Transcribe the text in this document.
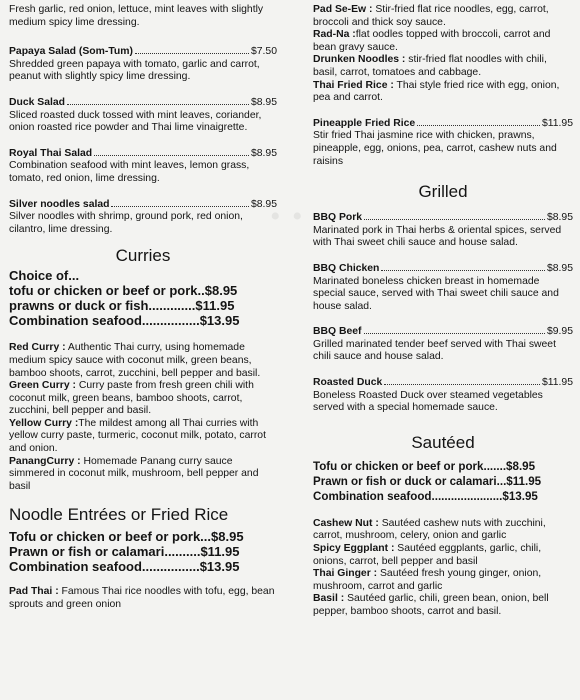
• •

Fresh garlic, red onion, lettuce, mint leaves with slightly medium spicy lime dressing.

Papaya Salad (Som-Tum)	$7.50

Shredded green papaya with tomato, garlic and carrot, peanut with slightly spicy lime dressing.

Duck Salad	$8.95

Sliced roasted duck tossed with mint leaves, coriander, onion roasted rice powder and Thai lime vinaigrette.

Royal Thai Salad	$8.95

Combination seafood with mint leaves, lemon grass, tomato, red onion, lime dressing.

Silver noodles salad	$8.95

Silver noodles with shrimp, ground pork, red onion, cilantro, lime dressing.

Curries
Choice of...
tofu or chicken or beef or pork.. $8.95
prawns or duck or fish............. $11.95
Combination seafood................ $13.95

Red Curry : Authentic Thai curry, using homemade medium spicy sauce with coconut milk, green beans, bamboo shoots, carrot, zucchini, bell pepper and basil.

Green Curry : Curry paste from fresh green chili with coconut milk, green beans, bamboo shoots, carrot, zucchini, bell pepper and basil.

Yellow Curry :The mildest among all Thai curries with yellow curry paste, turmeric, coconut milk, potato, carrot and onion.

PanangCurry : Homemade Panang curry sauce simmered in coconut milk, mushroom, bell pepper and basil

Noodle Entrées or Fried Rice
Tofu or chicken or beef or pork... $8.95
Prawn or fish or calamari.......... $11.95
Combination seafood................ $13.95

Pad Thai : Famous Thai rice noodles with tofu, egg, bean sprouts and green onion

Pad Se-Ew : Stir-fried flat rice noodles, egg, carrot, broccoli and thick soy sauce.

Rad-Na :flat oodles topped with broccoli, carrot and bean gravy sauce.

Drunken Noodles : stir-fried flat noodles with chili, basil, carrot, tomatoes and cabbage.

Thai Fried Rice : Thai style fried rice with egg, onion, pea and carrot.

Pineapple Fried Rice	$11.95

Stir fried Thai jasmine rice with chicken, prawns, pineapple, egg, onions, pea, carrot, cashew nuts and raisins

Grilled
BBQ Pork	$8.95

Marinated pork in Thai herbs & oriental spices, served with Thai sweet chili sauce and house salad.

BBQ Chicken	$8.95

Marinated boneless chicken breast in homemade special sauce, served with Thai sweet chili sauce and house salad.

BBQ Beef	$9.95

Grilled marinated tender beef served with Thai sweet chili sauce and house salad.

Roasted Duck	$11.95

Boneless Roasted Duck over steamed vegetables served with a special homemade sauce.

Sautéed
Tofu or chicken or beef or pork....... $8.95
Prawn or fish or duck or calamari... $11.95
Combination seafood...................... $13.95

Cashew Nut : Sautéed cashew nuts with zucchini, carrot, mushroom, celery, onion and garlic

Spicy Eggplant : Sautéed eggplants, garlic, chili, onions, carrot, bell pepper and basil

Thai Ginger : Sautéed fresh young ginger, onion, mushroom, carrot and garlic

Basil : Sautéed garlic, chili, green bean, onion, bell pepper, bamboo shoots, carrot and basil.
